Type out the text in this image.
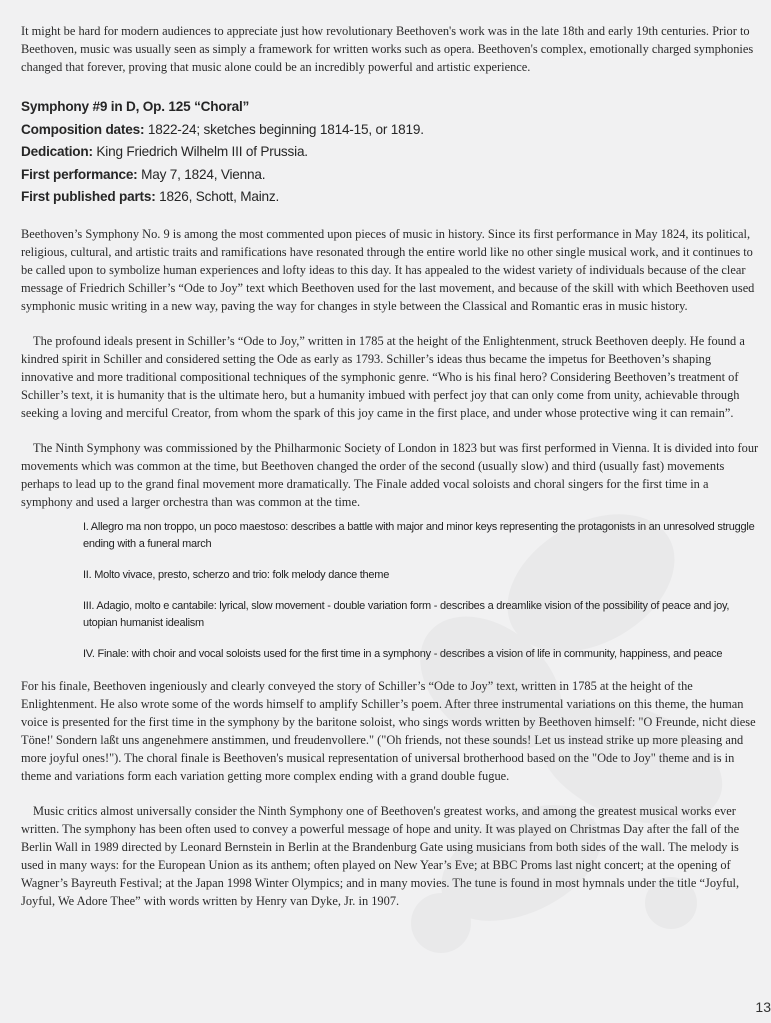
It might be hard for modern audiences to appreciate just how revolutionary Beethoven's work was in the late 18th and early 19th centuries. Prior to Beethoven, music was usually seen as simply a framework for written works such as opera. Beethoven's complex, emotionally charged symphonies changed that forever, proving that music alone could be an incredibly powerful and artistic experience.

Symphony #9 in D, Op. 125 “Choral”
Composition dates: 1822-24; sketches beginning 1814-15, or 1819.
Dedication: King Friedrich Wilhelm III of Prussia.
First performance: May 7, 1824, Vienna.
First published parts: 1826, Schott, Mainz.

Beethoven’s Symphony No. 9 is among the most commented upon pieces of music in history. Since its first performance in May 1824, its political, religious, cultural, and artistic traits and ramifications have resonated through the entire world like no other single musical work, and it continues to be called upon to symbolize human experiences and lofty ideas to this day. It has appealed to the widest variety of individuals because of the clear message of Friedrich Schiller’s “Ode to Joy” text which Beethoven used for the last movement, and because of the skill with which Beethoven used symphonic music writing in a new way, paving the way for changes in style between the Classical and Romantic eras in music history.

The profound ideals present in Schiller’s “Ode to Joy,” written in 1785 at the height of the Enlightenment, struck Beethoven deeply. He found a kindred spirit in Schiller and considered setting the Ode as early as 1793. Schiller’s ideas thus became the impetus for Beethoven’s shaping innovative and more traditional compositional techniques of the symphonic genre. “Who is his final hero? Considering Beethoven’s treatment of Schiller’s text, it is humanity that is the ultimate hero, but a humanity imbued with perfect joy that can only come from unity, achievable through seeking a loving and merciful Creator, from whom the spark of this joy came in the first place, and under whose protective wing it can remain”.

The Ninth Symphony was commissioned by the Philharmonic Society of London in 1823 but was first performed in Vienna. It is divided into four movements which was common at the time, but Beethoven changed the order of the second (usually slow) and third (usually fast) movements perhaps to lead up to the grand final movement more dramatically. The Finale added vocal soloists and choral singers for the first time in a symphony and used a larger orchestra than was common at the time.

I. Allegro ma non troppo, un poco maestoso: describes a battle with major and minor keys representing the protagonists in an unresolved struggle ending with a funeral march
II. Molto vivace, presto, scherzo and trio: folk melody dance theme
III. Adagio, molto e cantabile: lyrical, slow movement - double variation form - describes a dreamlike vision of the possibility of peace and joy, utopian humanist idealism
IV. Finale: with choir and vocal soloists used for the first time in a symphony - describes a vision of life in community, happiness, and peace

For his finale, Beethoven ingeniously and clearly conveyed the story of Schiller’s “Ode to Joy” text, written in 1785 at the height of the Enlightenment. He also wrote some of the words himself to amplify Schiller’s poem. After three instrumental variations on this theme, the human voice is presented for the first time in the symphony by the baritone soloist, who sings words written by Beethoven himself: "O Freunde, nicht diese Töne!' Sondern laßt uns angenehmere anstimmen, und freudenvollere." ("Oh friends, not these sounds! Let us instead strike up more pleasing and more joyful ones!"). The choral finale is Beethoven's musical representation of universal brotherhood based on the "Ode to Joy" theme and is in theme and variations form each variation getting more complex ending with a grand double fugue.

Music critics almost universally consider the Ninth Symphony one of Beethoven's greatest works, and among the greatest musical works ever written. The symphony has been often used to convey a powerful message of hope and unity. It was played on Christmas Day after the fall of the Berlin Wall in 1989 directed by Leonard Bernstein in Berlin at the Brandenburg Gate using musicians from both sides of the wall. The melody is used in many ways: for the European Union as its anthem; often played on New Year’s Eve; at BBC Proms last night concert; at the opening of Wagner’s Bayreuth Festival; at the Japan 1998 Winter Olympics; and in many movies. The tune is found in most hymnals under the title “Joyful, Joyful, We Adore Thee” with words written by Henry van Dyke, Jr. in 1907.

13
